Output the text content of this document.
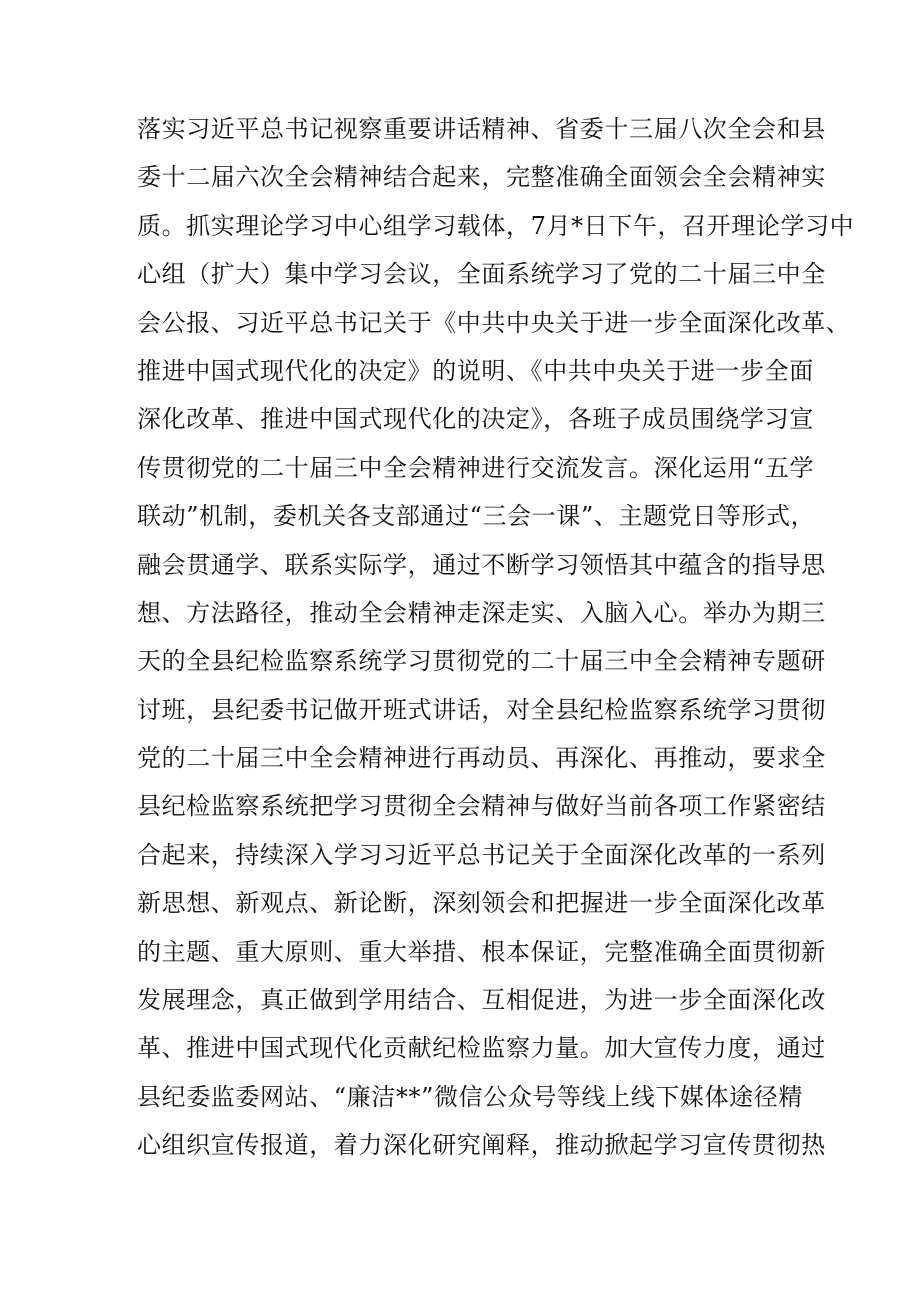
落实习近平总书记视察重要讲话精神、省委十三届八次全会和县
委十二届六次全会精神结合起来，完整准确全面领会全会精神实
质。抓实理论学习中心组学习载体，7月*日下午，召开理论学习中
心组（扩大）集中学习会议，全面系统学习了党的二十届三中全
会公报、习近平总书记关于《中共中央关于进一步全面深化改革、
推进中国式现代化的决定》的说明、《中共中央关于进一步全面
深化改革、推进中国式现代化的决定》，各班子成员围绕学习宣
传贯彻党的二十届三中全会精神进行交流发言。深化运用“五学
联动”机制，委机关各支部通过“三会一课”、主题党日等形式，
融会贯通学、联系实际学，通过不断学习领悟其中蕴含的指导思
想、方法路径，推动全会精神走深走实、入脑入心。举办为期三
天的全县纪检监察系统学习贯彻党的二十届三中全会精神专题研
讨班，县纪委书记做开班式讲话，对全县纪检监察系统学习贯彻
党的二十届三中全会精神进行再动员、再深化、再推动，要求全
县纪检监察系统把学习贯彻全会精神与做好当前各项工作紧密结
合起来，持续深入学习习近平总书记关于全面深化改革的一系列
新思想、新观点、新论断，深刻领会和把握进一步全面深化改革
的主题、重大原则、重大举措、根本保证，完整准确全面贯彻新
发展理念，真正做到学用结合、互相促进，为进一步全面深化改
革、推进中国式现代化贡献纪检监察力量。加大宣传力度，通过
县纪委监委网站、“廉洁**”微信公众号等线上线下媒体途径精
心组织宣传报道，着力深化研究阐释，推动掀起学习宣传贯彻热
